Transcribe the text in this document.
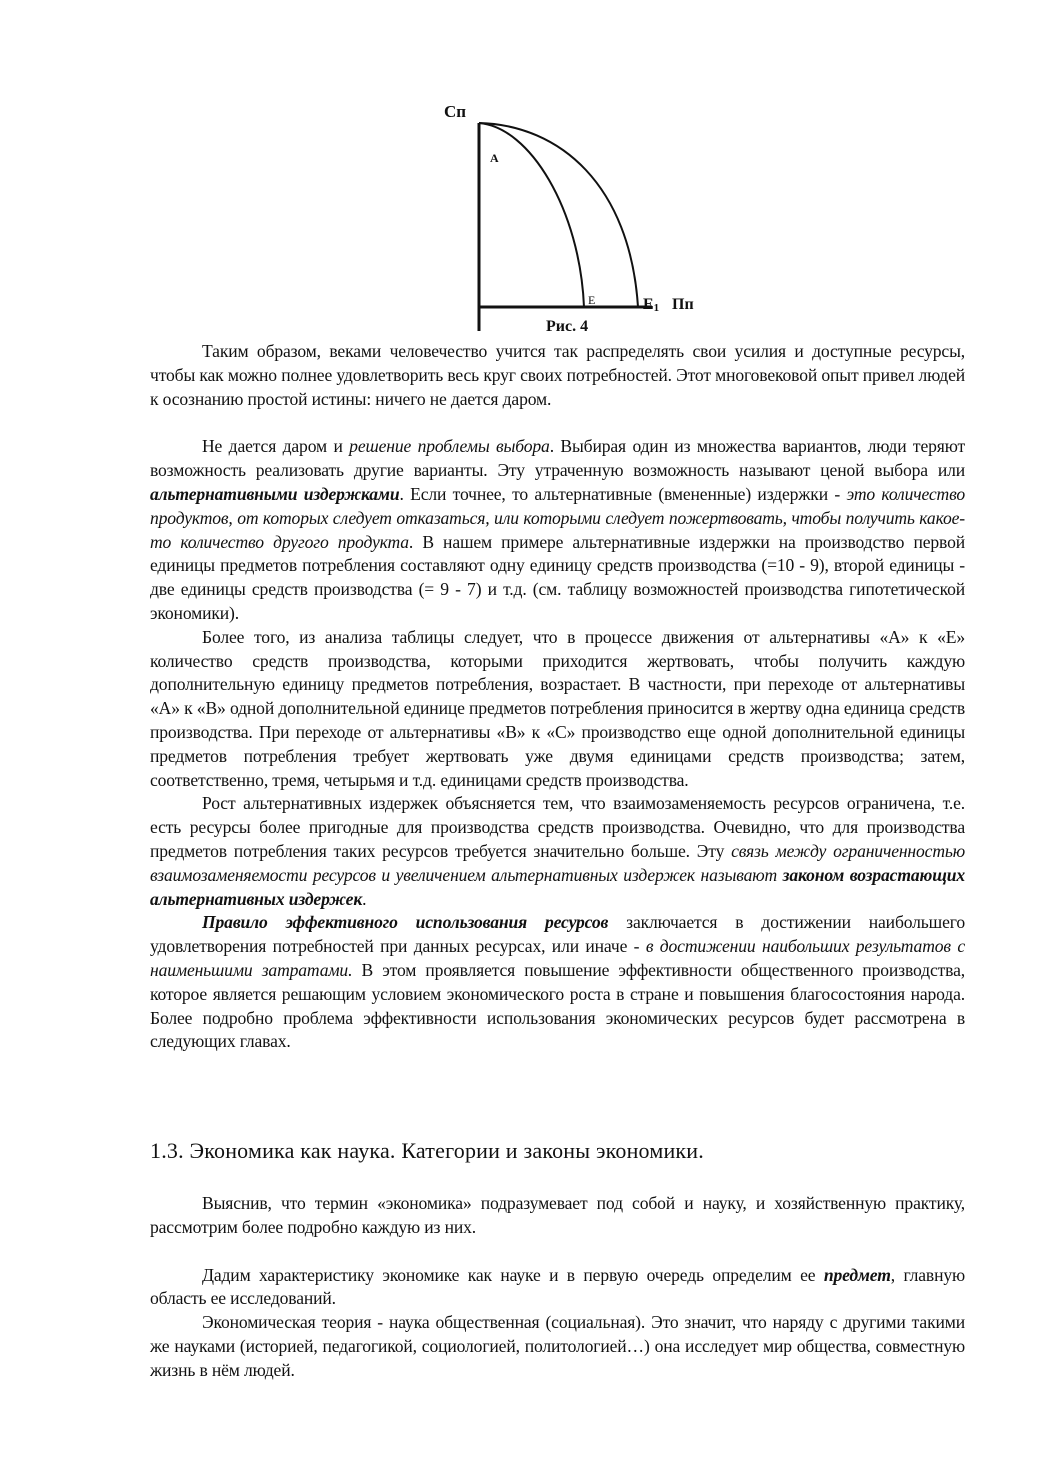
Сп
A
E	E1 Пп
Рис. 4

Таким образом, веками человечество учится так распределять свои усилия и доступные ресурсы, чтобы как можно полнее удовлетворить весь круг своих потребностей. Этот многовековой опыт привел людей к осознанию простой истины: ничего не дается даром.

Не дается даром и решение проблемы выбора. Выбирая один из множества вариантов, люди теряют возможность реализовать другие варианты. Эту утраченную возможность называют ценой выбора или альтернативными издержками. Если точнее, то альтернативные (вмененные) издержки - это количество продуктов, от которых следует отказаться, или которыми следует пожертвовать, чтобы получить какое-то количество другого продукта. В нашем примере альтернативные издержки на производство первой единицы предметов потребления составляют одну единицу средств производства (=10 - 9), второй единицы - две единицы средств производства (= 9 - 7) и т.д. (см. таблицу возможностей производства гипотетической экономики).

Более того, из анализа таблицы следует, что в процессе движения от альтернативы «А» к «Е» количество средств производства, которыми приходится жертвовать, чтобы получить каждую дополнительную единицу предметов потребления, возрастает. В частности, при переходе от альтернативы «А» к «В» одной дополнительной единице предметов потребления приносится в жертву одна единица средств производства. При переходе от альтернативы «В» к «С» производство еще одной дополнительной единицы предметов потребления требует жертвовать уже двумя единицами средств производства; затем, соответственно, тремя, четырьмя и т.д. единицами средств производства.

Рост альтернативных издержек объясняется тем, что взаимозаменяемость ресурсов ограничена, т.е. есть ресурсы более пригодные для производства средств производства. Очевидно, что для производства предметов потребления таких ресурсов требуется значительно больше. Эту связь между ограниченностью взаимозаменяемости ресурсов и увеличением альтернативных издержек называют законом возрастающих альтернативных издержек.

Правило эффективного использования ресурсов заключается в достижении наибольшего удовлетворения потребностей при данных ресурсах, или иначе - в достижении наибольших результатов с наименьшими затратами. В этом проявляется повышение эффективности общественного производства, которое является решающим условием экономического роста в стране и повышения благосостояния народа. Более подробно проблема эффективности использования экономических ресурсов будет рассмотрена в следующих главах.

1.3. Экономика как наука. Категории и законы экономики.

Выяснив, что термин «экономика» подразумевает под собой и науку, и хозяйственную практику, рассмотрим более подробно каждую из них.

Дадим характеристику экономике как науке и в первую очередь определим ее предмет, главную область ее исследований.

Экономическая теория - наука общественная (социальная). Это значит, что наряду с другими такими же науками (историей, педагогикой, социологией, политологией…) она исследует мир общества, совместную жизнь в нём людей.
